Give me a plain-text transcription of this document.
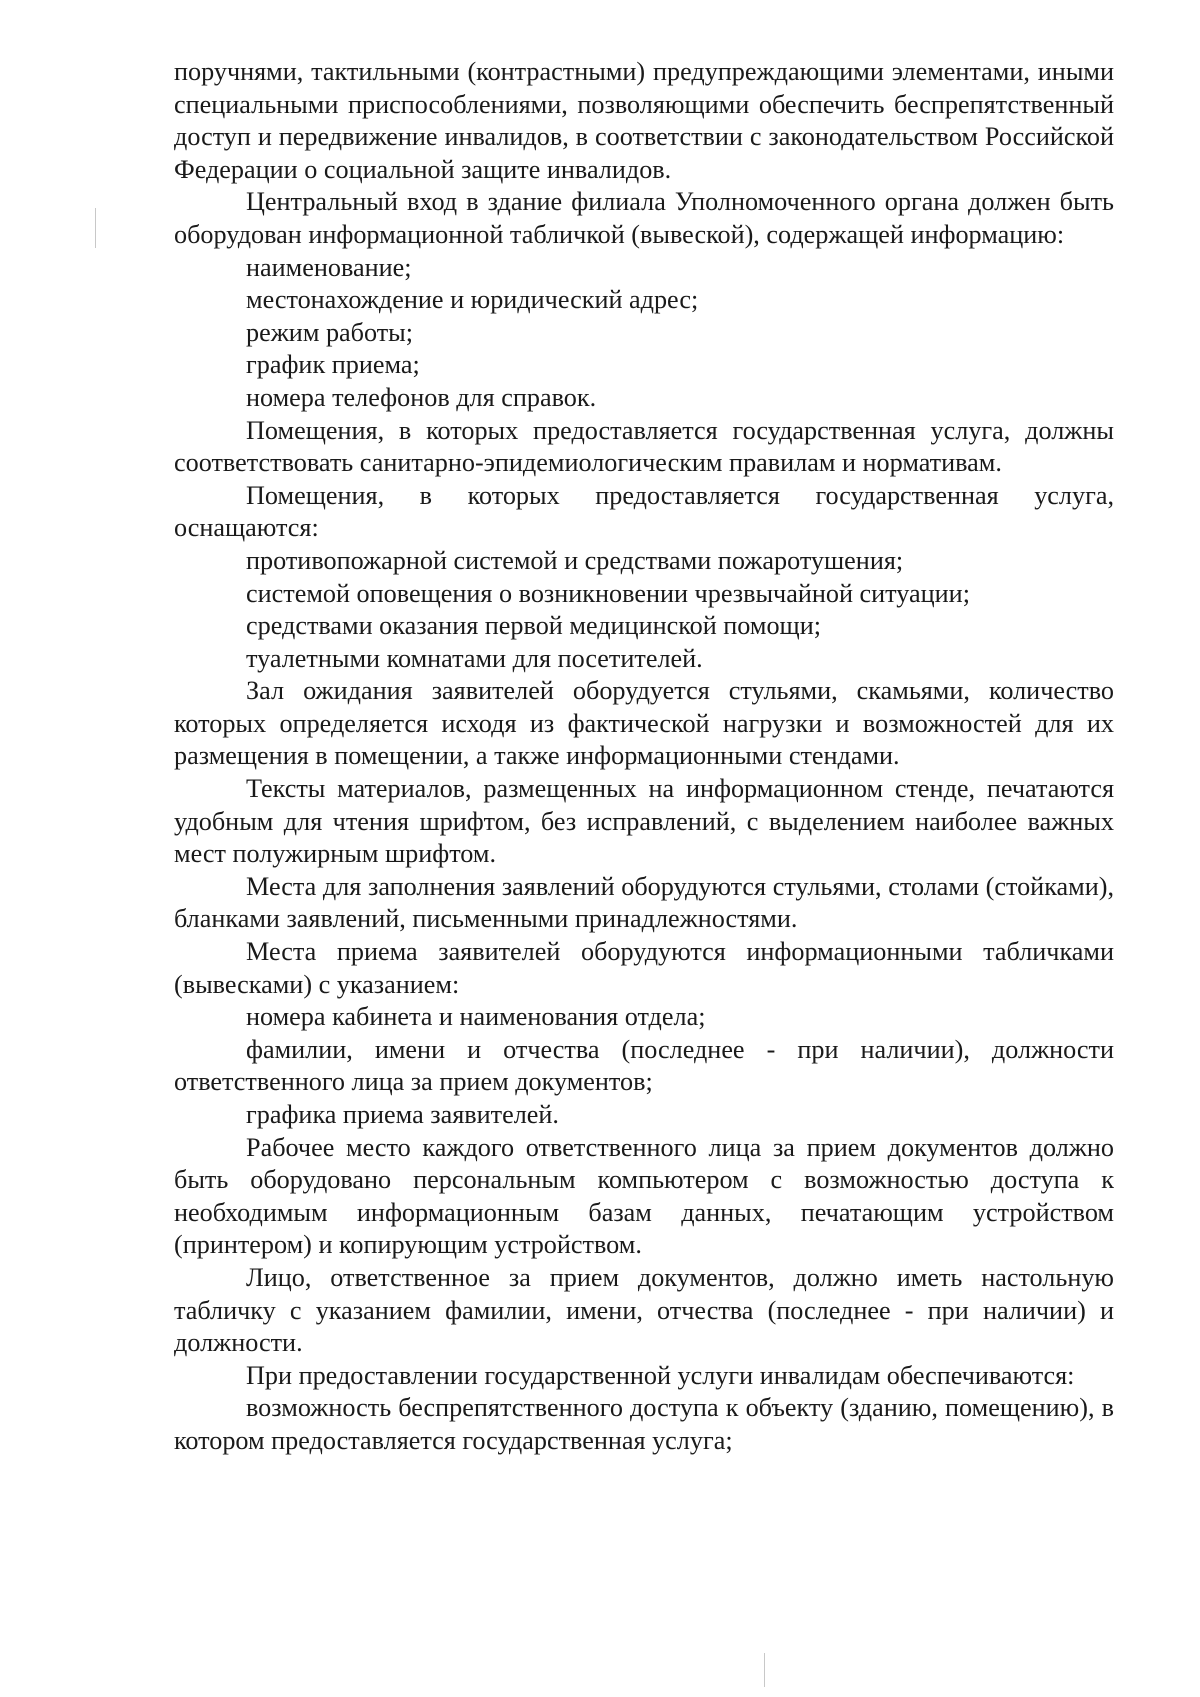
поручнями, тактильными (контрастными) предупреждающими элементами, иными специальными приспособлениями, позволяющими обеспечить беспрепятственный доступ и передвижение инвалидов, в соответствии с законодательством Российской Федерации о социальной защите инвалидов.
Центральный вход в здание филиала Уполномоченного органа должен быть оборудован информационной табличкой (вывеской), содержащей информацию:
наименование;
местонахождение и юридический адрес;
режим работы;
график приема;
номера телефонов для справок.
Помещения, в которых предоставляется государственная услуга, должны соответствовать санитарно-эпидемиологическим правилам и нормативам.
Помещения, в которых предоставляется государственная услуга, оснащаются:
противопожарной системой и средствами пожаротушения;
системой оповещения о возникновении чрезвычайной ситуации;
средствами оказания первой медицинской помощи;
туалетными комнатами для посетителей.
Зал ожидания заявителей оборудуется стульями, скамьями, количество которых определяется исходя из фактической нагрузки и возможностей для их размещения в помещении, а также информационными стендами.
Тексты материалов, размещенных на информационном стенде, печатаются удобным для чтения шрифтом, без исправлений, с выделением наиболее важных мест полужирным шрифтом.
Места для заполнения заявлений оборудуются стульями, столами (стойками), бланками заявлений, письменными принадлежностями.
Места приема заявителей оборудуются информационными табличками (вывесками) с указанием:
номера кабинета и наименования отдела;
фамилии, имени и отчества (последнее - при наличии), должности ответственного лица за прием документов;
графика приема заявителей.
Рабочее место каждого ответственного лица за прием документов должно быть оборудовано персональным компьютером с возможностью доступа к необходимым информационным базам данных, печатающим устройством (принтером) и копирующим устройством.
Лицо, ответственное за прием документов, должно иметь настольную табличку с указанием фамилии, имени, отчества (последнее - при наличии) и должности.
При предоставлении государственной услуги инвалидам обеспечиваются:
возможность беспрепятственного доступа к объекту (зданию, помещению), в котором предоставляется государственная услуга;
